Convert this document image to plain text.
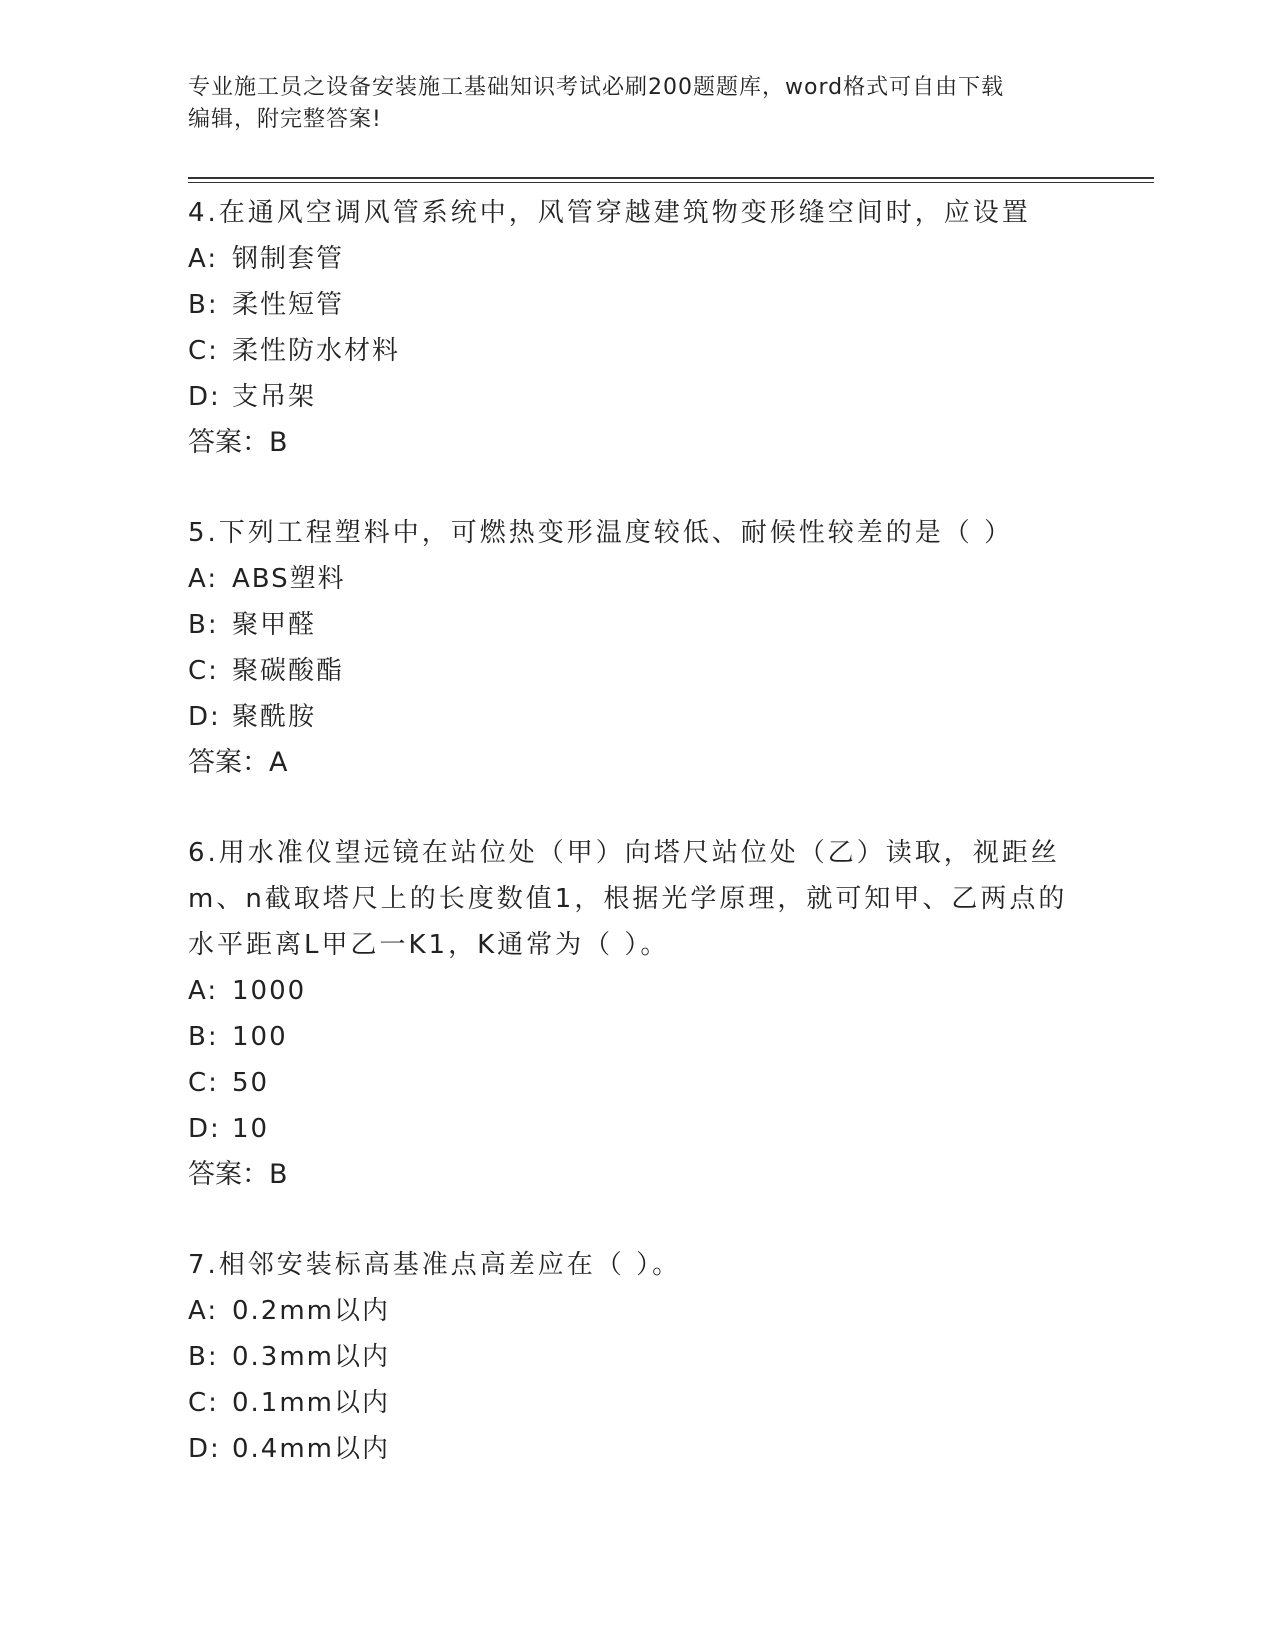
专业施工员之设备安装施工基础知识考试必刷200题题库，word格式可自由下载
编辑，附完整答案!

4.在通风空调风管系统中，风管穿越建筑物变形缝空间时，应设置

A: 钢制套管

B: 柔性短管

C: 柔性防水材料

D: 支吊架

答案：B

5.下列工程塑料中，可燃热变形温度较低、耐候性较差的是（ ）

A: ABS塑料

B: 聚甲醛

C: 聚碳酸酯

D: 聚酰胺

答案：A

6.用水准仪望远镜在站位处（甲）向塔尺站位处（乙）读取，视距丝m、n截取塔尺上的长度数值1，根据光学原理，就可知甲、乙两点的水平距离L甲乙一K1，K通常为（ ）。

A: 1000

B: 100

C: 50

D: 10

答案：B

7.相邻安装标高基准点高差应在（ ）。

A: 0.2mm以内

B: 0.3mm以内

C: 0.1mm以内

D: 0.4mm以内
